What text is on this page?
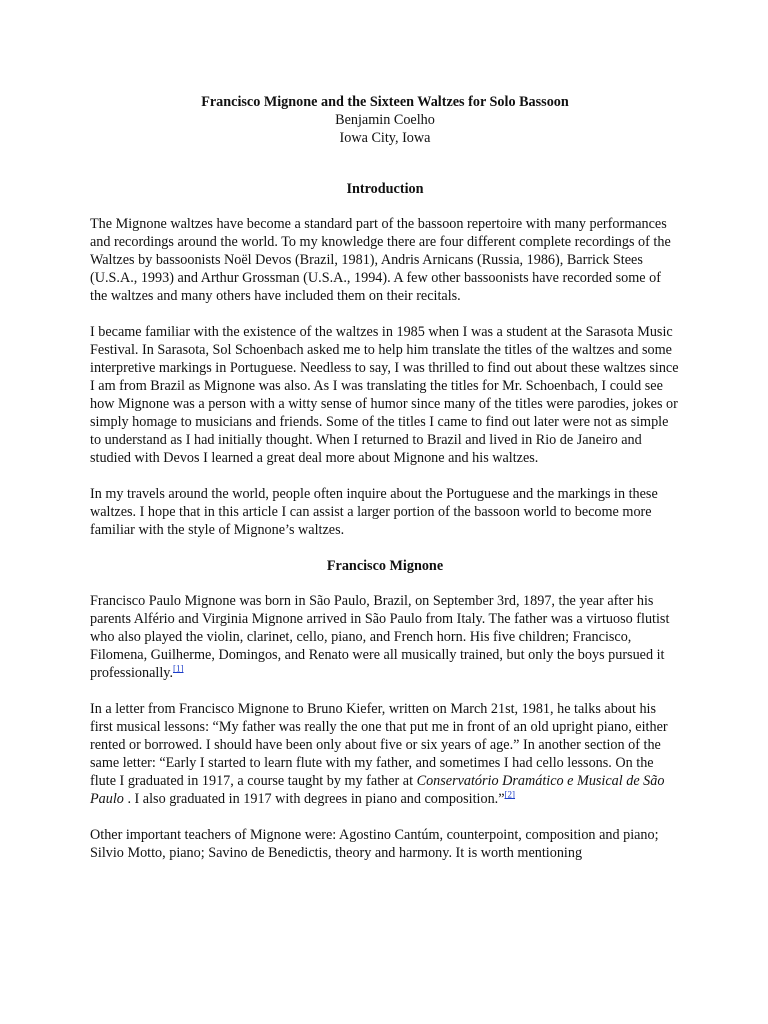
Francisco Mignone and the Sixteen Waltzes for Solo Bassoon
Benjamin Coelho
Iowa City, Iowa
Introduction

The Mignone waltzes have become a standard part of the bassoon repertoire with many performances and recordings around the world. To my knowledge there are four different complete recordings of the Waltzes by bassoonists Noël Devos (Brazil, 1981), Andris Arnicans (Russia, 1986), Barrick Stees (U.S.A., 1993) and Arthur Grossman (U.S.A., 1994). A few other bassoonists have recorded some of the waltzes and many others have included them on their recitals.

I became familiar with the existence of the waltzes in 1985 when I was a student at the Sarasota Music Festival. In Sarasota, Sol Schoenbach asked me to help him translate the titles of the waltzes and some interpretive markings in Portuguese. Needless to say, I was thrilled to find out about these waltzes since I am from Brazil as Mignone was also. As I was translating the titles for Mr. Schoenbach, I could see how Mignone was a person with a witty sense of humor since many of the titles were parodies, jokes or simply homage to musicians and friends. Some of the titles I came to find out later were not as simple to understand as I had initially thought. When I returned to Brazil and lived in Rio de Janeiro and studied with Devos I learned a great deal more about Mignone and his waltzes.

In my travels around the world, people often inquire about the Portuguese and the markings in these waltzes. I hope that in this article I can assist a larger portion of the bassoon world to become more familiar with the style of Mignone’s waltzes.

Francisco Mignone

Francisco Paulo Mignone was born in São Paulo, Brazil, on September 3rd, 1897, the year after his parents Alfério and Virginia Mignone arrived in São Paulo from Italy. The father was a virtuoso flutist who also played the violin, clarinet, cello, piano, and French horn. His five children; Francisco, Filomena, Guilherme, Domingos, and Renato were all musically trained, but only the boys pursued it professionally.[1]

In a letter from Francisco Mignone to Bruno Kiefer, written on March 21st, 1981, he talks about his first musical lessons: “My father was really the one that put me in front of an old upright piano, either rented or borrowed. I should have been only about five or six years of age.” In another section of the same letter: “Early I started to learn flute with my father, and sometimes I had cello lessons. On the flute I graduated in 1917, a course taught by my father at Conservatório Dramático e Musical de São Paulo . I also graduated in 1917 with degrees in piano and composition.”[2]

Other important teachers of Mignone were: Agostino Cantúm, counterpoint, composition and piano; Silvio Motto, piano; Savino de Benedictis, theory and harmony. It is worth mentioning
